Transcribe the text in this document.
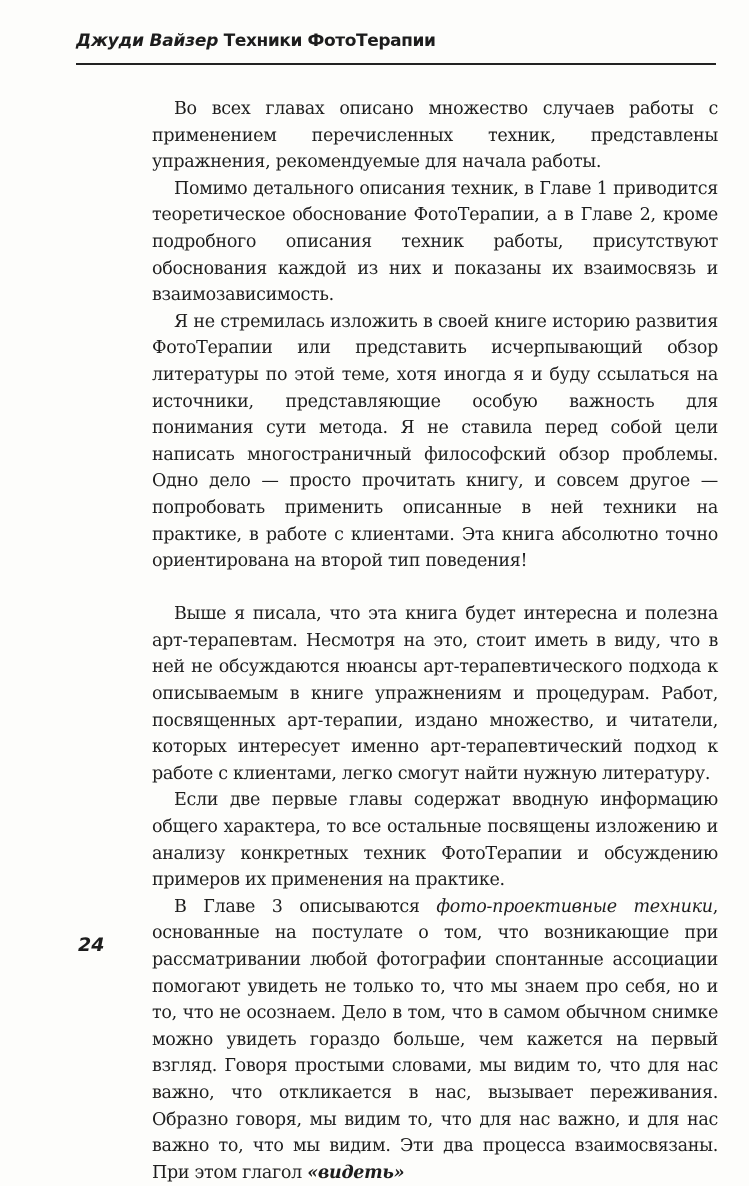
Джуди Вайзер Техники ФотоТерапии

Во всех главах описано множество случаев работы с применением перечисленных техник, представлены упражнения, рекомендуемые для начала работы.

Помимо детального описания техник, в Главе 1 приводится теоретическое обоснование ФотоТерапии, а в Главе 2, кроме подробного описания техник работы, присутствуют обоснования каждой из них и показаны их взаимосвязь и взаимозависимость.

Я не стремилась изложить в своей книге историю развития ФотоТерапии или представить исчерпывающий обзор литературы по этой теме, хотя иногда я и буду ссылаться на источники, представляющие особую важность для понимания сути метода. Я не ставила перед собой цели написать многостраничный философский обзор проблемы. Одно дело — просто прочитать книгу, и совсем другое — попробовать применить описанные в ней техники на практике, в работе с клиентами. Эта книга абсолютно точно ориентирована на второй тип поведения!

Выше я писала, что эта книга будет интересна и полезна арт-терапевтам. Несмотря на это, стоит иметь в виду, что в ней не обсуждаются нюансы арт-терапевтического подхода к описываемым в книге упражнениям и процедурам. Работ, посвященных арт-терапии, издано множество, и читатели, которых интересует именно арт-терапевтический подход к работе с клиентами, легко смогут найти нужную литературу.

Если две первые главы содержат вводную информацию общего характера, то все остальные посвящены изложению и анализу конкретных техник ФотоТерапии и обсуждению примеров их применения на практике.

В Главе 3 описываются фото-проективные техники, основанные на постулате о том, что возникающие при рассматривании любой фотографии спонтанные ассоциации помогают увидеть не только то, что мы знаем про себя, но и то, что не осознаем. Дело в том, что в самом обычном снимке можно увидеть гораздо больше, чем кажется на первый взгляд. Говоря простыми словами, мы видим то, что для нас важно, что откликается в нас, вызывает переживания. Образно говоря, мы видим то, что для нас важно, и для нас важно то, что мы видим. Эти два процесса взаимосвязаны. При этом глагол «видеть»

24
